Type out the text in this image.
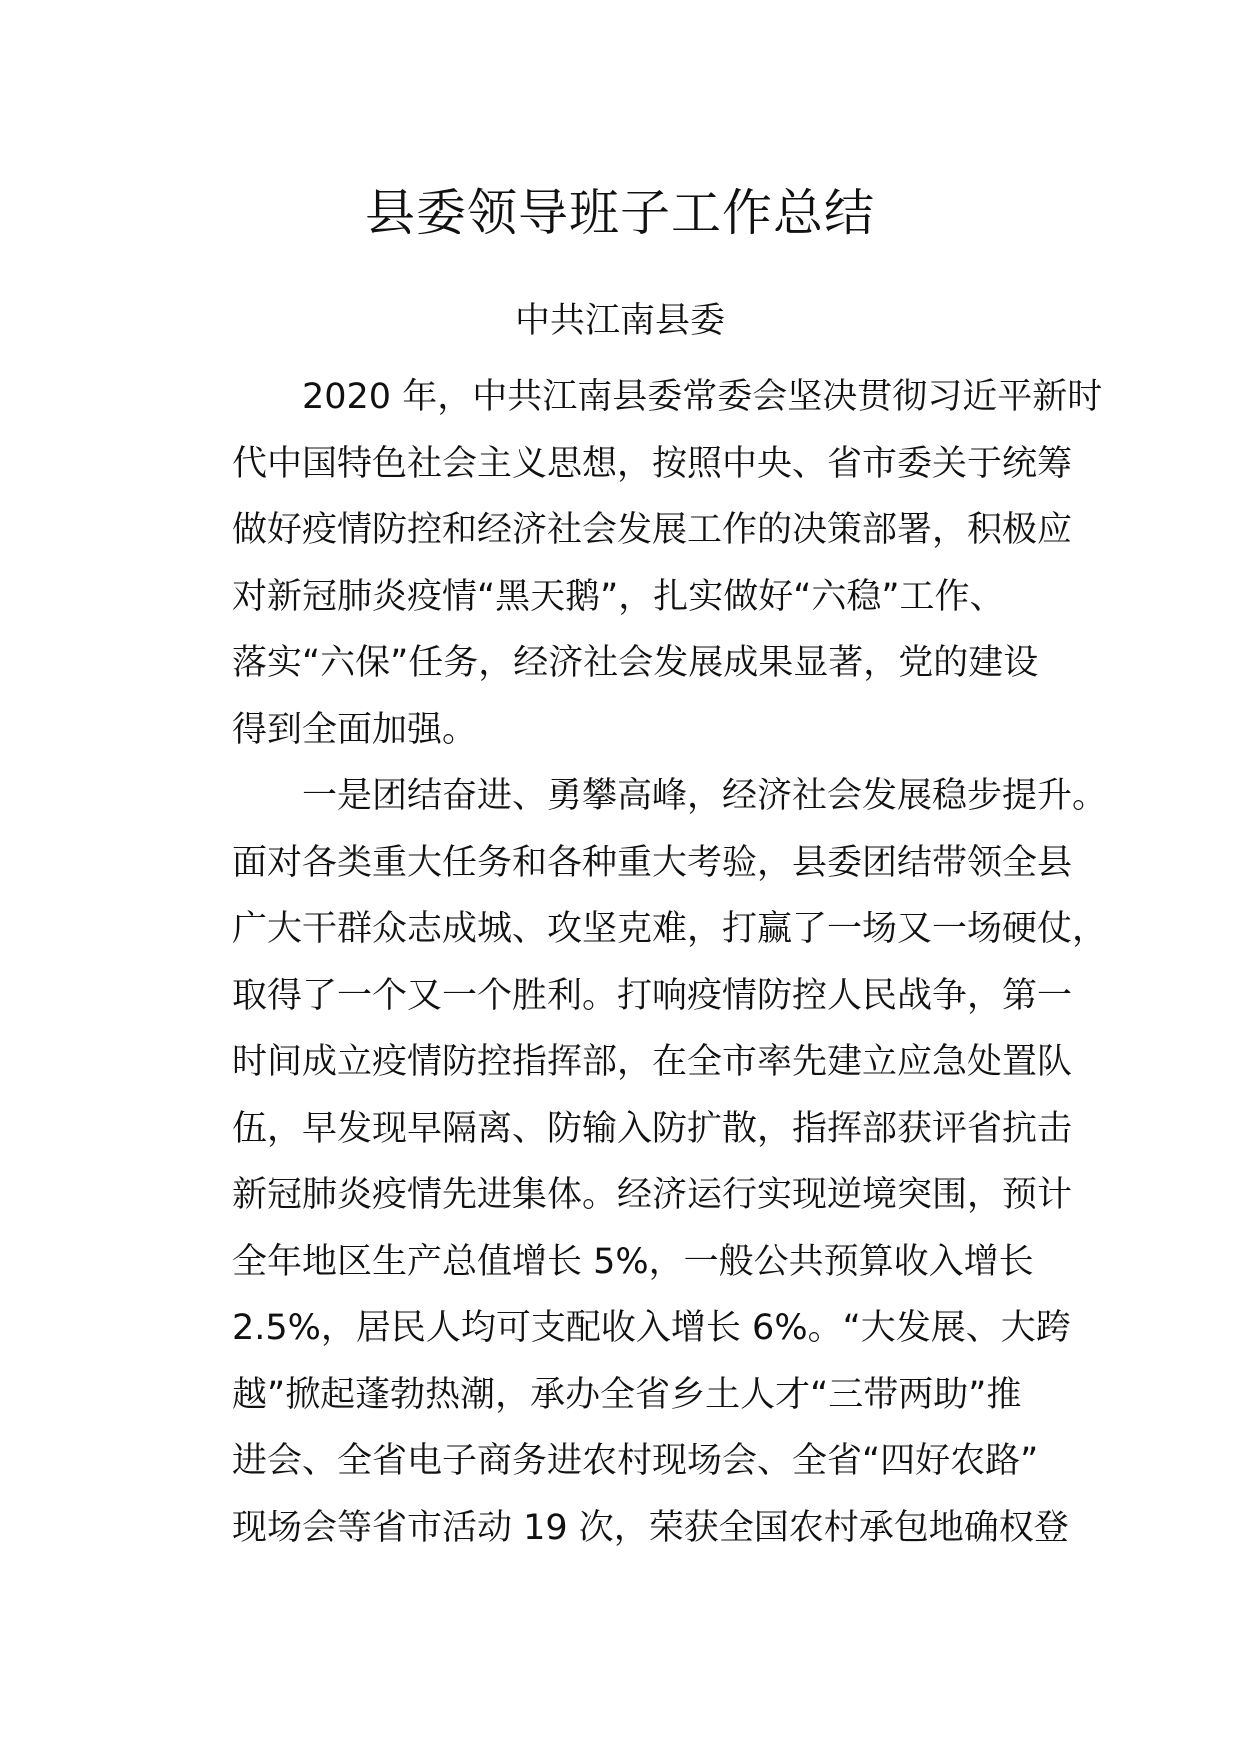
县委领导班子工作总结

中共江南县委

2020 年，中共江南县委常委会坚决贯彻习近平新时
代中国特色社会主义思想，按照中央、省市委关于统筹
做好疫情防控和经济社会发展工作的决策部署，积极应
对新冠肺炎疫情“黑天鹅”，扎实做好“六稳”工作、
落实“六保”任务，经济社会发展成果显著，党的建设
得到全面加强。

一是团结奋进、勇攀高峰，经济社会发展稳步提升。
面对各类重大任务和各种重大考验，县委团结带领全县
广大干群众志成城、攻坚克难，打赢了一场又一场硬仗，
取得了一个又一个胜利。打响疫情防控人民战争，第一
时间成立疫情防控指挥部，在全市率先建立应急处置队
伍，早发现早隔离、防输入防扩散，指挥部获评省抗击
新冠肺炎疫情先进集体。经济运行实现逆境突围，预计
全年地区生产总值增长 5%，一般公共预算收入增长
2.5%，居民人均可支配收入增长 6%。“大发展、大跨
越”掀起蓬勃热潮，承办全省乡土人才“三带两助”推
进会、全省电子商务进农村现场会、全省“四好农路”
现场会等省市活动 19 次，荣获全国农村承包地确权登
